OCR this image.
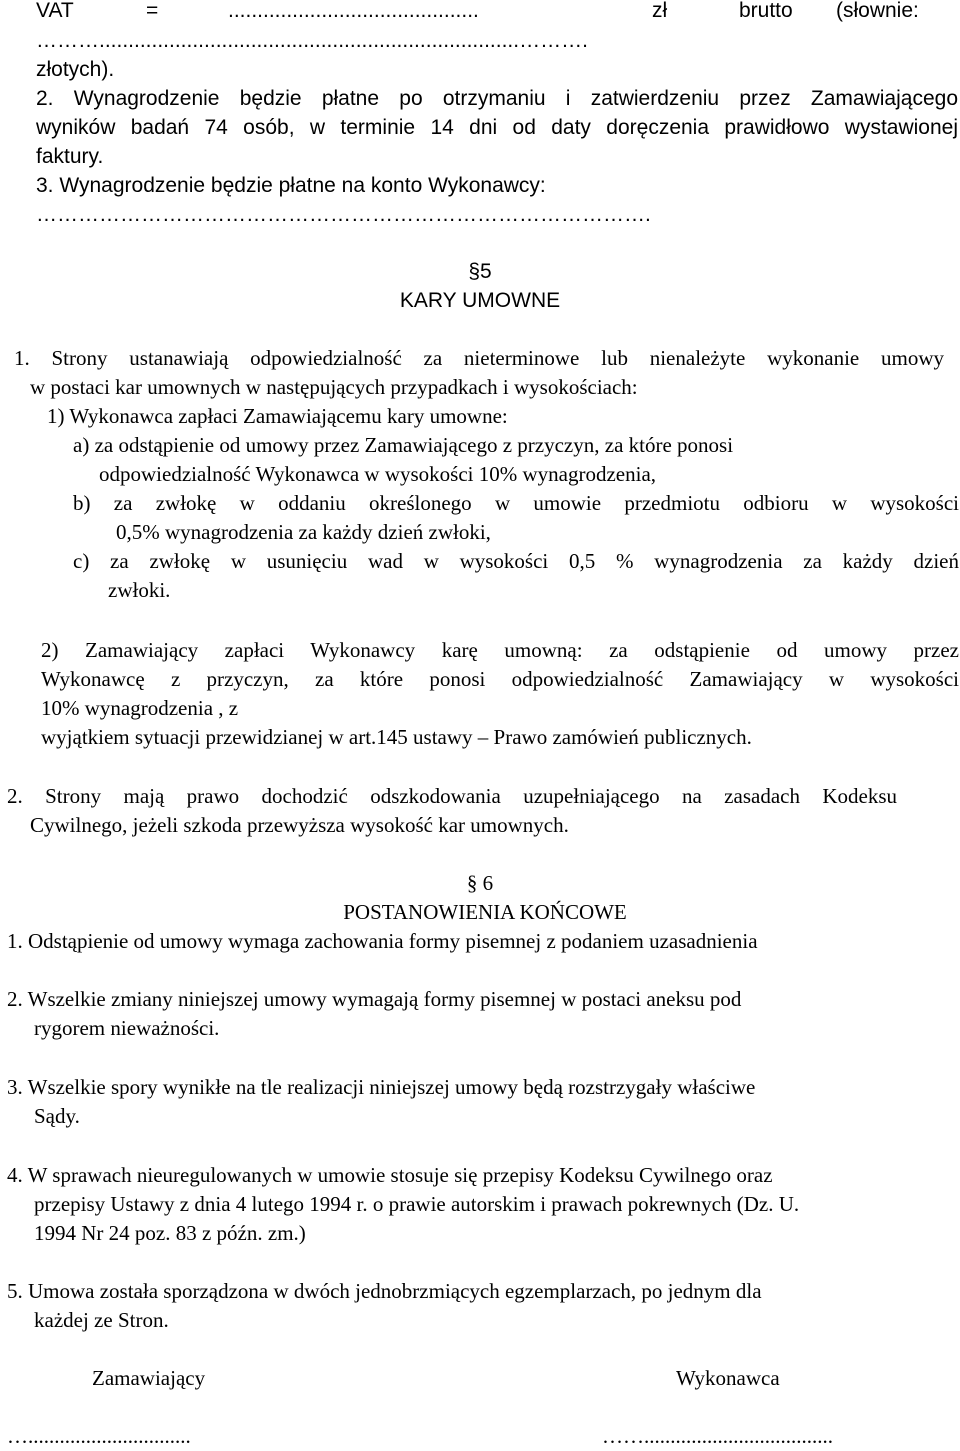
VAT	=	...........................................	zł	brutto (słownie:
………........................................................................……….
złotych).
2. Wynagrodzenie będzie płatne po otrzymaniu i zatwierdzeniu przez Zamawiającego
wyników badań 74 osób, w terminie 14 dni od daty doręczenia prawidłowo wystawionej
faktury.
3. Wynagrodzenie będzie płatne na konto Wykonawcy:
…………………………………………………………………………….
§5
KARY UMOWNE
1. Strony ustanawiają odpowiedzialność za nieterminowe lub nienależyte wykonanie umowy
w postaci kar umownych w następujących przypadkach i wysokościach:
1) Wykonawca zapłaci Zamawiającemu kary umowne:
a) za odstąpienie od umowy przez Zamawiającego z przyczyn, za które ponosi
odpowiedzialność Wykonawca w wysokości 10% wynagrodzenia,
b) za zwłokę w oddaniu określonego w umowie przedmiotu odbioru w wysokości
0,5% wynagrodzenia za każdy dzień zwłoki,
c) za zwłokę w usunięciu wad w wysokości 0,5 % wynagrodzenia za każdy dzień
zwłoki.
2) Zamawiający zapłaci Wykonawcy karę umowną: za odstąpienie od umowy przez
Wykonawcę z przyczyn, za które ponosi odpowiedzialność Zamawiający w wysokości
10% wynagrodzenia , z
wyjątkiem sytuacji przewidzianej w art.145 ustawy – Prawo zamówień publicznych.
2. Strony mają prawo dochodzić odszkodowania uzupełniającego na zasadach Kodeksu
Cywilnego, jeżeli szkoda przewyższa wysokość kar umownych.
§ 6
POSTANOWIENIA KOŃCOWE
1. Odstąpienie od umowy wymaga zachowania formy pisemnej z podaniem uzasadnienia
2. Wszelkie zmiany niniejszej umowy wymagają formy pisemnej w postaci aneksu pod
rygorem nieważności.
3. Wszelkie spory wynikłe na tle realizacji niniejszej umowy będą rozstrzygały właściwe
Sądy.
4. W sprawach nieuregulowanych w umowie stosuje się przepisy Kodeksu Cywilnego oraz
przepisy Ustawy z dnia 4 lutego 1994 r. o prawie autorskim i prawach pokrewnych (Dz. U.
1994 Nr 24 poz. 83 z późn. zm.)
5. Umowa została sporządzona w dwóch jednobrzmiących egzemplarzach, po jednym dla
każdej ze Stron.
Zamawiający	Wykonawca
…...............................	……....................................
